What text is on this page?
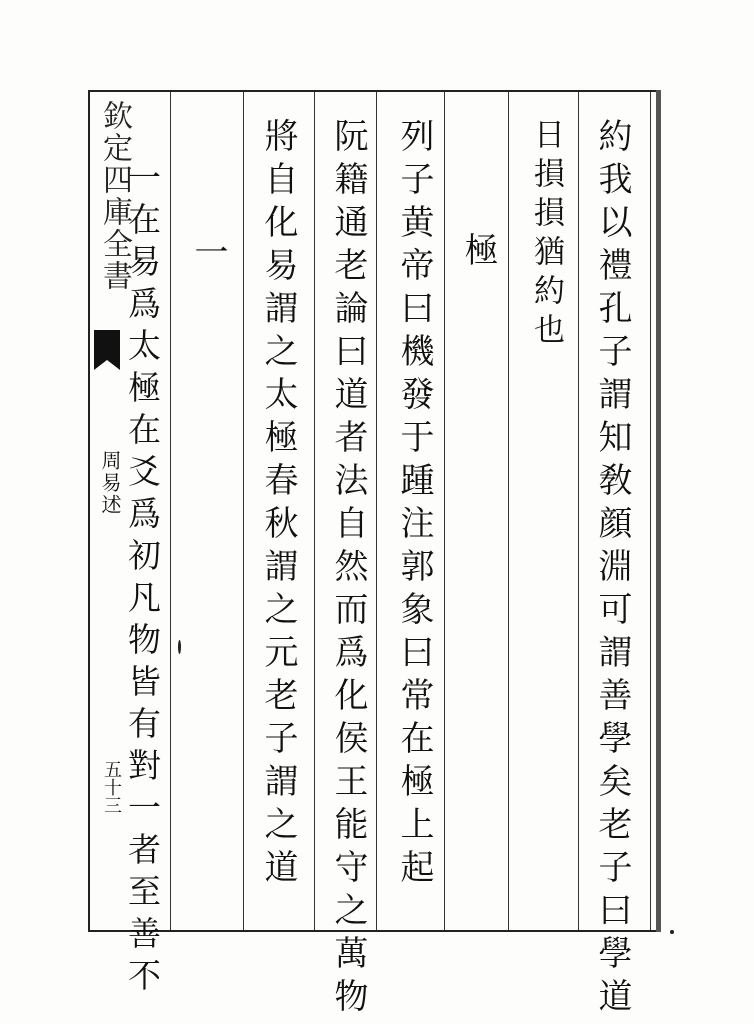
欽定四庫全書
周易述
五十三	約我以禮孔子謂知敎顔淵可謂善學矣老子曰學道
日損損猶約也
極
列子黄帝曰機發于踵注郭象曰常在極上起
阮籍通老論曰道者法自然而爲化侯王能守之萬物
將自化易謂之太極春秋謂之元老子謂之道
一
一在易爲太極在爻爲初凡物皆有對一者至善不
